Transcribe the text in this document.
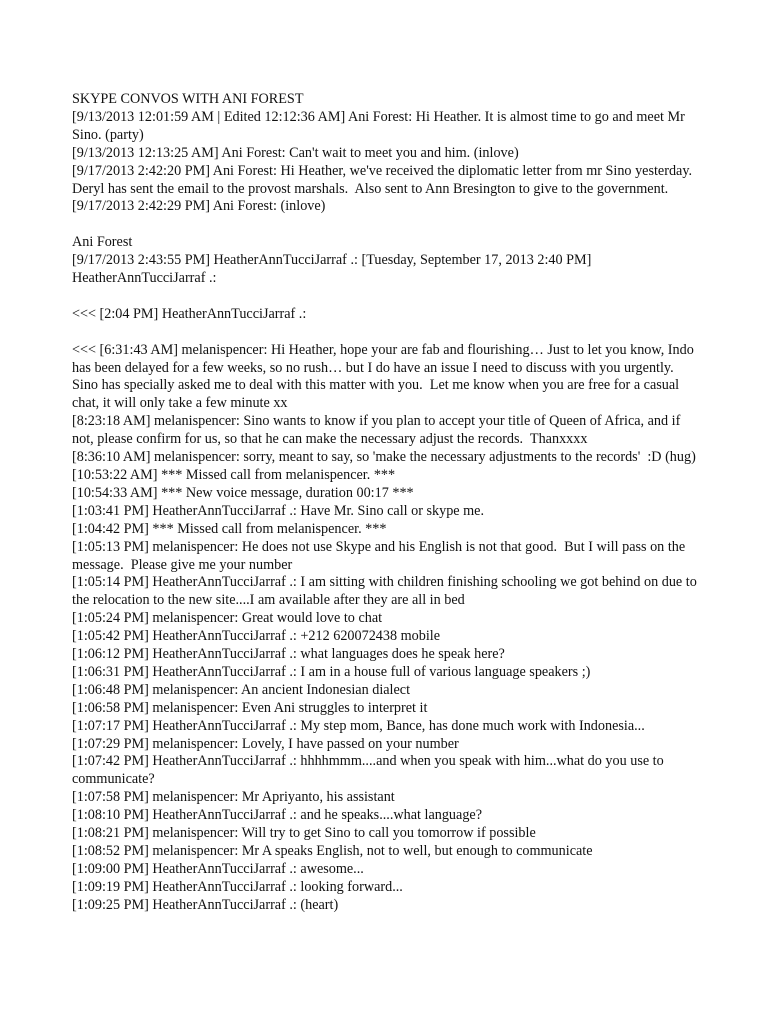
SKYPE CONVOS WITH ANI FOREST
[9/13/2013 12:01:59 AM | Edited 12:12:36 AM] Ani Forest: Hi Heather. It is almost time to go and meet Mr Sino. (party)
[9/13/2013 12:13:25 AM] Ani Forest: Can't wait to meet you and him. (inlove)
[9/17/2013 2:42:20 PM] Ani Forest: Hi Heather, we've received the diplomatic letter from mr Sino yesterday. Deryl has sent the email to the provost marshals.  Also sent to Ann Bresington to give to the government.
[9/17/2013 2:42:29 PM] Ani Forest: (inlove)
Ani Forest
[9/17/2013 2:43:55 PM] HeatherAnnTucciJarraf .: [Tuesday, September 17, 2013 2:40 PM] HeatherAnnTucciJarraf .:
<<< [2:04 PM] HeatherAnnTucciJarraf .:
<<< [6:31:43 AM] melanispencer: Hi Heather, hope your are fab and flourishing… Just to let you know, Indo has been delayed for a few weeks, so no rush… but I do have an issue I need to discuss with you urgently.  Sino has specially asked me to deal with this matter with you.  Let me know when you are free for a casual chat, it will only take a few minute xx
[8:23:18 AM] melanispencer: Sino wants to know if you plan to accept your title of Queen of Africa, and if not, please confirm for us, so that he can make the necessary adjust the records.  Thanxxxx
[8:36:10 AM] melanispencer: sorry, meant to say, so 'make the necessary adjustments to the records'  :D (hug)
[10:53:22 AM] *** Missed call from melanispencer. ***
[10:54:33 AM] *** New voice message, duration 00:17 ***
[1:03:41 PM] HeatherAnnTucciJarraf .: Have Mr. Sino call or skype me.
[1:04:42 PM] *** Missed call from melanispencer. ***
[1:05:13 PM] melanispencer: He does not use Skype and his English is not that good.  But I will pass on the message.  Please give me your number
[1:05:14 PM] HeatherAnnTucciJarraf .: I am sitting with children finishing schooling we got behind on due to the relocation to the new site....I am available after they are all in bed
[1:05:24 PM] melanispencer: Great would love to chat
[1:05:42 PM] HeatherAnnTucciJarraf .: +212 620072438 mobile
[1:06:12 PM] HeatherAnnTucciJarraf .: what languages does he speak here?
[1:06:31 PM] HeatherAnnTucciJarraf .: I am in a house full of various language speakers ;)
[1:06:48 PM] melanispencer: An ancient Indonesian dialect
[1:06:58 PM] melanispencer: Even Ani struggles to interpret it
[1:07:17 PM] HeatherAnnTucciJarraf .: My step mom, Bance, has done much work with Indonesia...
[1:07:29 PM] melanispencer: Lovely, I have passed on your number
[1:07:42 PM] HeatherAnnTucciJarraf .: hhhhmmm....and when you speak with him...what do you use to communicate?
[1:07:58 PM] melanispencer: Mr Apriyanto, his assistant
[1:08:10 PM] HeatherAnnTucciJarraf .: and he speaks....what language?
[1:08:21 PM] melanispencer: Will try to get Sino to call you tomorrow if possible
[1:08:52 PM] melanispencer: Mr A speaks English, not to well, but enough to communicate
[1:09:00 PM] HeatherAnnTucciJarraf .: awesome...
[1:09:19 PM] HeatherAnnTucciJarraf .: looking forward...
[1:09:25 PM] HeatherAnnTucciJarraf .: (heart)
